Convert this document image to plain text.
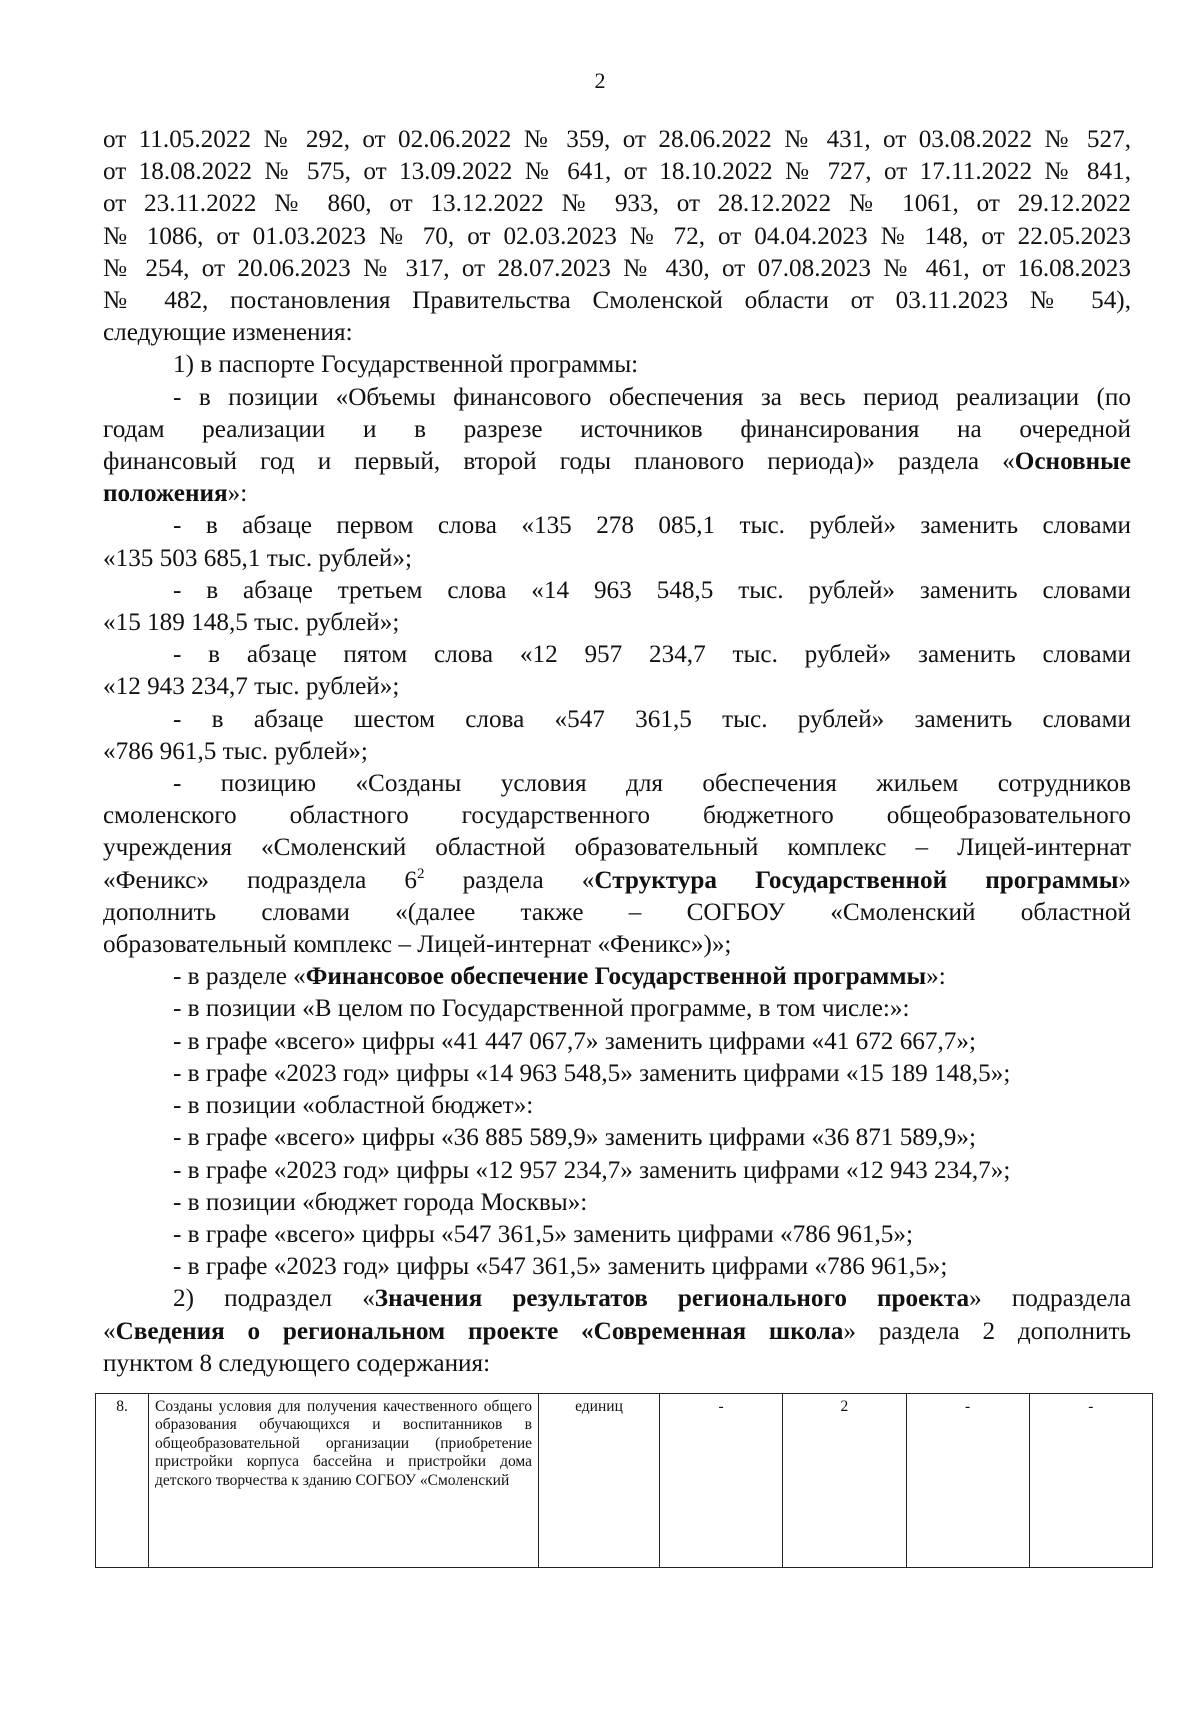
2

от 11.05.2022 № 292, от 02.06.2022 № 359, от 28.06.2022 № 431, от 03.08.2022 № 527,

от 18.08.2022 № 575, от 13.09.2022 № 641, от 18.10.2022 № 727, от 17.11.2022 № 841,

от 23.11.2022 № 860, от 13.12.2022 № 933, от 28.12.2022 № 1061, от 29.12.2022

№ 1086, от 01.03.2023 № 70, от 02.03.2023 № 72, от 04.04.2023 № 148, от 22.05.2023

№ 254, от 20.06.2023 № 317, от 28.07.2023 № 430, от 07.08.2023 № 461, от 16.08.2023

№ 482, постановления Правительства Смоленской области от 03.11.2023 № 54),

следующие изменения:

1) в паспорте Государственной программы:

- в позиции «Объемы финансового обеспечения за весь период реализации (по

годам реализации и в разрезе источников финансирования на очередной

финансовый год и первый, второй годы планового периода)» раздела «Основные

положения»:

- в абзаце первом слова «135 278 085,1 тыс. рублей» заменить словами

«135 503 685,1 тыс. рублей»;

- в абзаце третьем слова «14 963 548,5 тыс. рублей» заменить словами

«15 189 148,5 тыс. рублей»;

- в абзаце пятом слова «12 957 234,7 тыс. рублей» заменить словами

«12 943 234,7 тыс. рублей»;

- в абзаце шестом слова «547 361,5 тыс. рублей» заменить словами

«786 961,5 тыс. рублей»;

- позицию «Созданы условия для обеспечения жильем сотрудников

смоленского областного государственного бюджетного общеобразовательного

учреждения «Смоленский областной образовательный комплекс – Лицей-интернат

«Феникс» подраздела $6^2$ раздела «Структура Государственной программы»

дополнить словами «(далее также – СОГБОУ «Смоленский областной

образовательный комплекс – Лицей-интернат «Феникс»)»;

- в разделе «Финансовое обеспечение Государственной программы»:

- в позиции «В целом по Государственной программе, в том числе:»:

- в графе «всего» цифры «41 447 067,7» заменить цифрами «41 672 667,7»;

- в графе «2023 год» цифры «14 963 548,5» заменить цифрами «15 189 148,5»;

- в позиции «областной бюджет»:

- в графе «всего» цифры «36 885 589,9» заменить цифрами «36 871 589,9»;

- в графе «2023 год» цифры «12 957 234,7» заменить цифрами «12 943 234,7»;

- в позиции «бюджет города Москвы»:

- в графе «всего» цифры «547 361,5» заменить цифрами «786 961,5»;

- в графе «2023 год» цифры «547 361,5» заменить цифрами «786 961,5»;

2) подраздел «Значения результатов регионального проекта» подраздела

«Сведения о региональном проекте «Современная школа» раздела 2 дополнить

пунктом 8 следующего содержания:

8.	Созданы условия для получения качественного общего образования обучающихся и воспитанников в общеобразовательной организации (приобретение пристройки корпуса бассейна и пристройки дома детского творчества к зданию СОГБОУ «Смоленский	единиц	-	2	-	-
